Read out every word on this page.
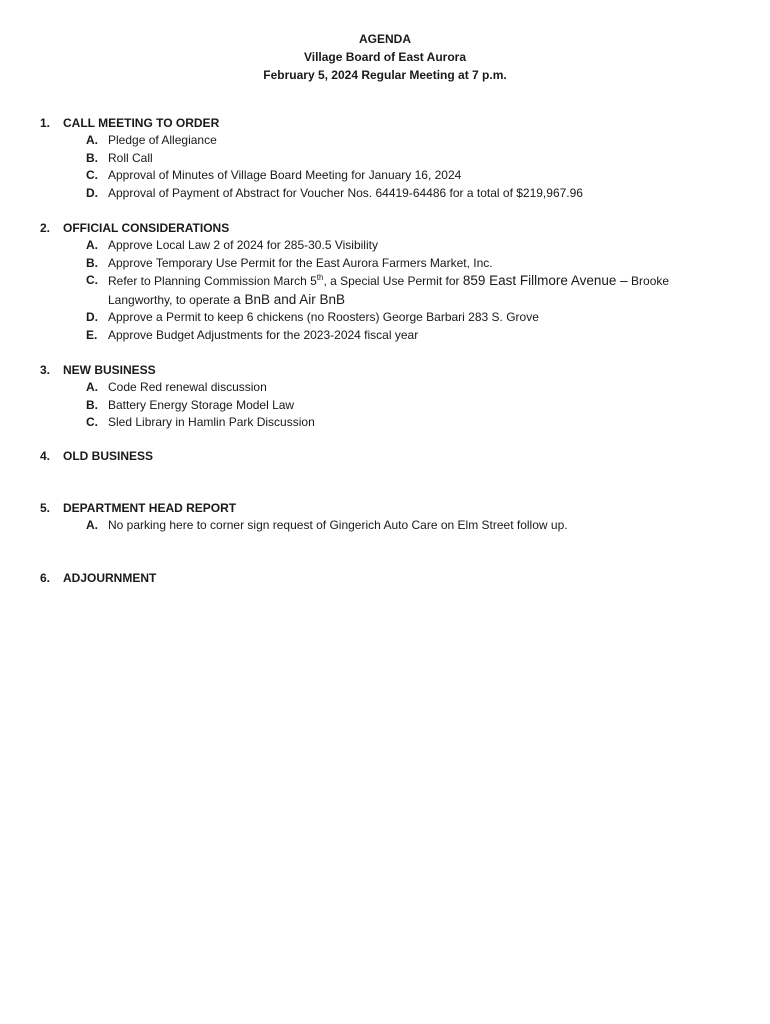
AGENDA
Village Board of East Aurora
February 5, 2024 Regular Meeting at 7 p.m.
1. CALL MEETING TO ORDER
A. Pledge of Allegiance
B. Roll Call
C. Approval of Minutes of Village Board Meeting for January 16, 2024
D. Approval of Payment of Abstract for Voucher Nos. 64419-64486 for a total of $219,967.96
2. OFFICIAL CONSIDERATIONS
A. Approve Local Law 2 of 2024 for 285-30.5 Visibility
B. Approve Temporary Use Permit for the East Aurora Farmers Market, Inc.
C. Refer to Planning Commission March 5th, a Special Use Permit for 859 East Fillmore Avenue – Brooke Langworthy, to operate a BnB and Air BnB
D. Approve a Permit to keep 6 chickens (no Roosters) George Barbari 283 S. Grove
E. Approve Budget Adjustments for the 2023-2024 fiscal year
3. NEW BUSINESS
A. Code Red renewal discussion
B. Battery Energy Storage Model Law
C. Sled Library in Hamlin Park Discussion
4. OLD BUSINESS
5. DEPARTMENT HEAD REPORT
A. No parking here to corner sign request of Gingerich Auto Care on Elm Street follow up.
6. ADJOURNMENT
